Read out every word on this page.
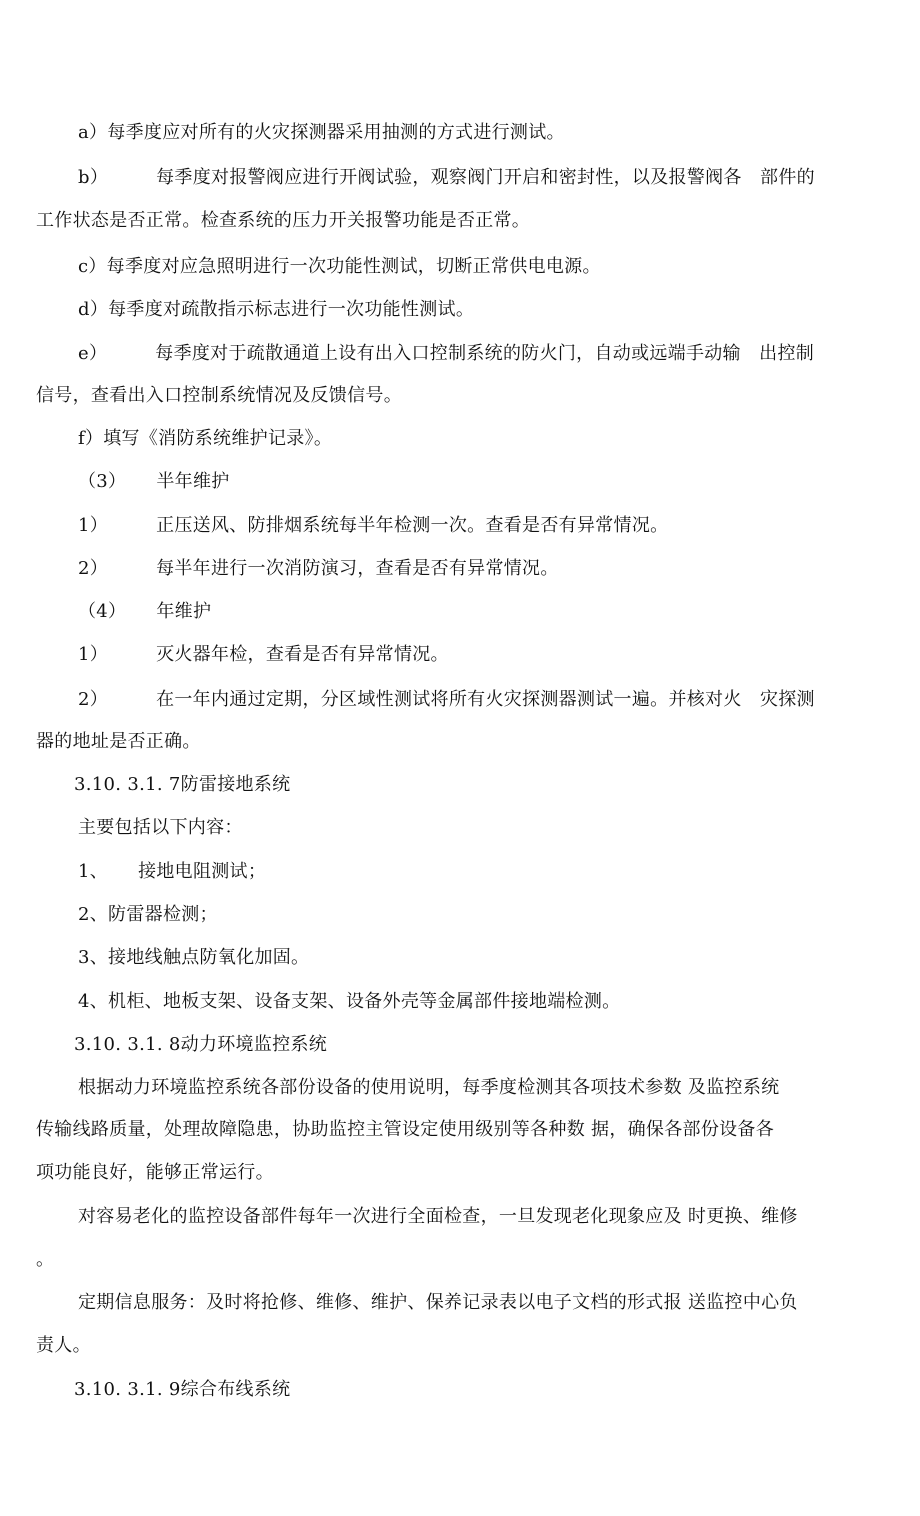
a）每季度应对所有的火灾探测器采用抽测的方式进行测试。

b）	每季度对报警阀应进行开阀试验，观察阀门开启和密封性，以及报警阀各　部件的

工作状态是否正常。检查系统的压力开关报警功能是否正常。

c）每季度对应急照明进行一次功能性测试，切断正常供电电源。

d）每季度对疏散指示标志进行一次功能性测试。

e）	每季度对于疏散通道上设有出入口控制系统的防火门，自动或远端手动输　出控制

信号，查看出入口控制系统情况及反馈信号。

f）填写《消防系统维护记录》。

（3） 半年维护

1）	正压送风、防排烟系统每半年检测一次。查看是否有异常情况。

2）	每半年进行一次消防演习，查看是否有异常情况。

（4） 年维护

1）	灭火器年检，查看是否有异常情况。

2）	在一年内通过定期，分区域性测试将所有火灾探测器测试一遍。并核对火　灾探测

器的地址是否正确。

3.10. 3.1. 7防雷接地系统

主要包括以下内容：

1、 接地电阻测试；

2、防雷器检测；

3、接地线触点防氧化加固。

4、机柜、地板支架、设备支架、设备外壳等金属部件接地端检测。

3.10. 3.1. 8动力环境监控系统

根据动力环境监控系统各部份设备的使用说明，每季度检测其各项技术参数 及监控系统

传输线路质量，处理故障隐患，协助监控主管设定使用级别等各种数 据，确保各部份设备各

项功能良好，能够正常运行。

对容易老化的监控设备部件每年一次进行全面检查，一旦发现老化现象应及 时更换、维修

。

定期信息服务：及时将抢修、维修、维护、保养记录表以电子文档的形式报 送监控中心负

责人。

3.10. 3.1. 9综合布线系统
